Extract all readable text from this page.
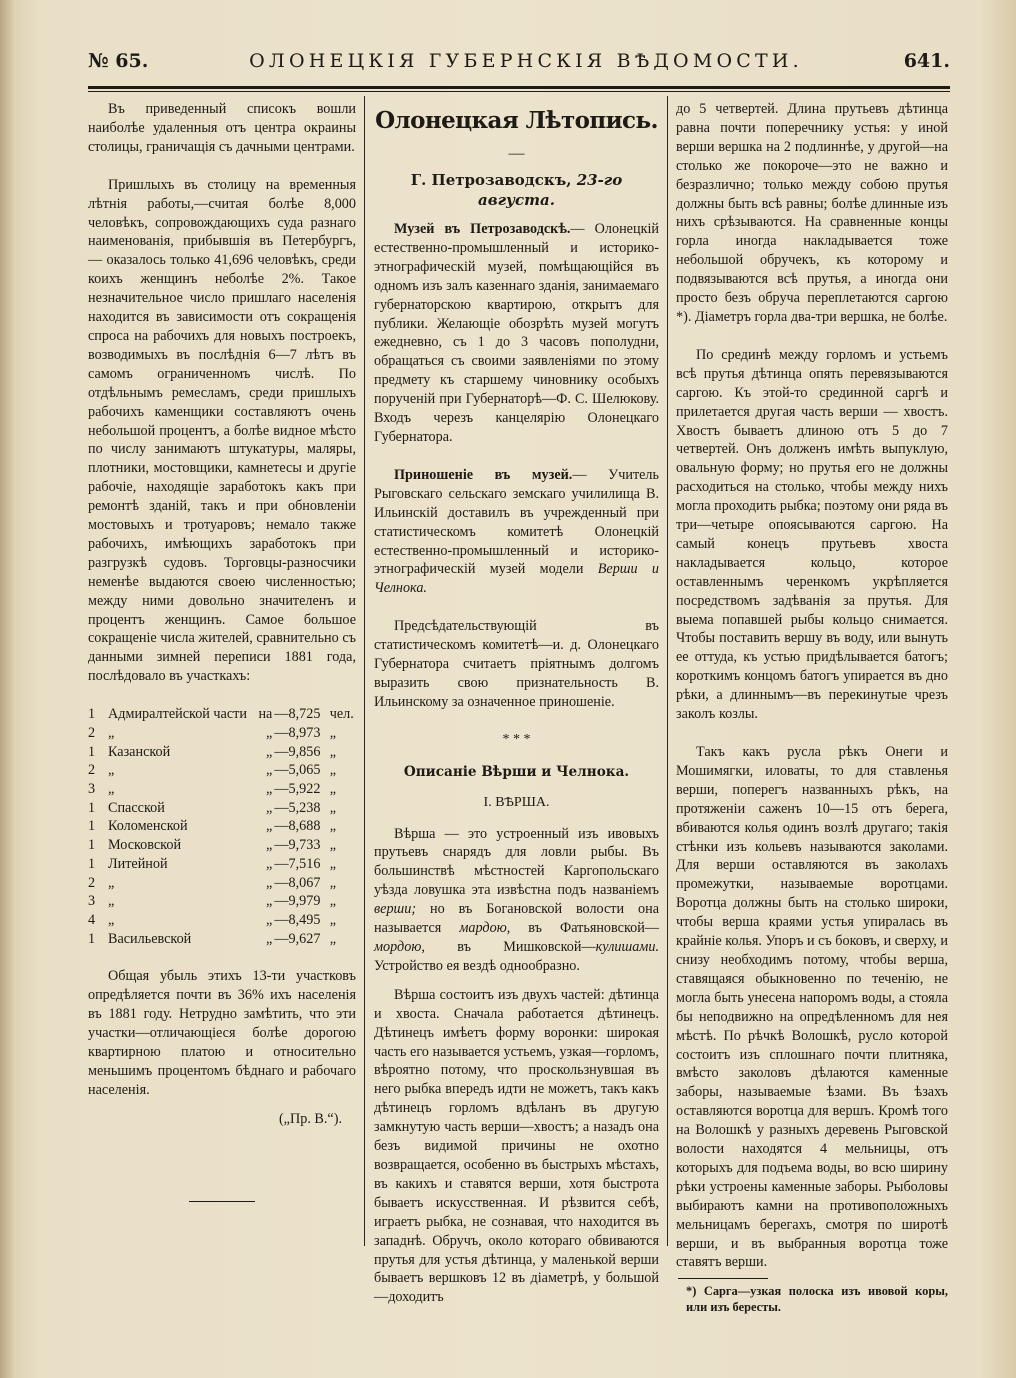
№ 65.	ОЛОНЕЦКІЯ ГУБЕРНСКІЯ ВѢДОМОСТИ.	641.

Въ приведенный списокъ вошли наиболѣе удаленныя отъ центра окраины столицы, граничащія съ дачными центрами.

Пришлыхъ въ столицу на временныя лѣтнія работы,—считая болѣе 8,000 человѣкъ, сопровождающихъ суда разнаго наименованія, прибывшія въ Петербургъ, — оказалось только 41,696 человѣкъ, среди коихъ женщинъ неболѣе 2%. Такое незначительное число пришлаго населенія находится въ зависимости отъ сокращенія спроса на рабочихъ для новыхъ построекъ, возводимыхъ въ послѣднія 6—7 лѣтъ въ самомъ ограниченномъ числѣ. По отдѣльнымъ ремесламъ, среди пришлыхъ рабочихъ каменщики составляютъ очень небольшой процентъ, а болѣе видное мѣсто по числу занимаютъ штукатуры, маляры, плотники, мостовщики, камнетесы и другіе рабочіе, находящіе заработокъ какъ при ремонтѣ зданій, такъ и при обновленіи мостовыхъ и тротуаровъ; немало также рабочихъ, имѣющихъ заработокъ при разгрузкѣ судовъ. Торговцы-разносчики неменѣе выдаются своею численностью; между ними довольно значителенъ и процентъ женщинъ. Самое большое сокращеніе числа жителей, сравнительно съ данными зимней переписи 1881 года, послѣдовало въ участкахъ:

1	Адмиралтейской части	на	—8,725	чел.
2	„	„	—8,973	„
1	Казанской	„	—9,856	„
2	„	„	—5,065	„
3	„	„	—5,922	„
1	Спасской	„	—5,238	„
1	Коломенской	„	—8,688	„
1	Московской	„	—9,733	„
1	Литейной	„	—7,516	„
2	„	„	—8,067	„
3	„	„	—9,979	„
4	„	„	—8,495	„
1	Васильевской	„	—9,627	„

Общая убыль этихъ 13-ти участковъ опредѣляется почти въ 36% ихъ населенія въ 1881 году. Нетрудно замѣтить, что эти участки—отличающіеся болѣе дорогою квартирною платою и относительно меньшимъ процентомъ бѣднаго и рабочаго населенія.

(„Пр. В.“).
Олонецкая Лѣтопись.
—
Г. Петрозаводскъ, 23-го августа.

Музей въ Петрозаводскѣ.— Олонецкій естественно-промышленный и историко-этнографическій музей, помѣщающійся въ одномъ изъ залъ казеннаго зданія, занимаемаго губернаторскою квартирою, открытъ для публики. Желающіе обозрѣть музей могутъ ежедневно, съ 1 до 3 часовъ пополудни, обращаться съ своими заявленіями по этому предмету къ старшему чиновнику особыхъ порученій при Губернаторѣ—Ф. С. Шелюкову. Входъ черезъ канцелярію Олонецкаго Губернатора.

Приношеніе въ музей.— Учитель Рыговскаго сельскаго земскаго училилища В. Ильинскій доставилъ въ учрежденный при статистическомъ комитетѣ Олонецкій естественно-промышленный и историко-этнографическій музей модели Верши и Челнока.

Предсѣдательствующій въ статистическомъ комитетѣ—и. д. Олонецкаго Губернатора считаетъ пріятнымъ долгомъ выразить свою признательность В. Ильинскому за означенное приношеніе.

* * *
Описаніе Вѣрши и Челнока.
I. ВѢРША.

Вѣрша — это устроенный изъ ивовыхъ прутьевъ снарядъ для ловли рыбы. Въ большинствѣ мѣстностей Каргопольскаго уѣзда ловушка эта извѣстна подъ названіемъ верши; но въ Богановской волости она называется мардою, въ Фатьяновской—мордою, въ Мишковской—кулишами. Устройство ея вездѣ однообразно.

Вѣрша состоитъ изъ двухъ частей: дѣтинца и хвоста. Сначала работается дѣтинецъ. Дѣтинецъ имѣетъ форму воронки: широкая часть его называется устьемъ, узкая—горломъ, вѣроятно потому, что проскользнувшая въ него рыбка впередъ идти не можетъ, такъ какъ дѣтинецъ горломъ вдѣланъ въ другую замкнутую часть верши—хвостъ; а назадъ она безъ видимой причины не охотно возвращается, особенно въ быстрыхъ мѣстахъ, въ какихъ и ставятся верши, хотя быстрота бываетъ искусственная. И рѣзвится себѣ, играетъ рыбка, не сознавая, что находится въ западнѣ. Обручъ, около котораго обвиваются прутья для устья дѣтинца, у маленькой верши бываетъ вершковъ 12 въ діаметрѣ, у большой—доходитъ

до 5 четвертей. Длина прутьевъ дѣтинца равна почти поперечнику устья: у иной верши вершка на 2 подлиннѣе, у другой—на столько же покороче—это не важно и безразлично; только между собою прутья должны быть всѣ равны; болѣе длинные изъ нихъ срѣзываются. На сравненные концы горла иногда накладывается тоже небольшой обручекъ, къ которому и подвязываются всѣ прутья, а иногда они просто безъ обруча переплетаются саргою *). Діаметръ горла два-три вершка, не болѣе.

По срединѣ между горломъ и устьемъ всѣ прутья дѣтинца опять перевязываются саргою. Къ этой-то срединной саргѣ и прилетается другая часть верши — хвостъ. Хвостъ бываетъ длиною отъ 5 до 7 четвертей. Онъ долженъ имѣть выпуклую, овальную форму; но прутья его не должны расходиться на столько, чтобы между нихъ могла проходить рыбка; поэтому они ряда въ три—четыре опоясываются саргою. На самый конецъ прутьевъ хвоста накладывается кольцо, которое оставленнымъ черенкомъ укрѣпляется посредствомъ задѣванія за прутья. Для выема попавшей рыбы кольцо снимается. Чтобы поставить вершу въ воду, или вынуть ее оттуда, къ устью придѣлывается батогъ; короткимъ концомъ батогъ упирается въ дно рѣки, а длиннымъ—въ перекинутые чрезъ заколъ козлы.

Такъ какъ русла рѣкъ Онеги и Мошимягки, иловаты, то для ставленья верши, поперегъ названныхъ рѣкъ, на протяженіи саженъ 10—15 отъ берега, вбиваются колья одинъ возлѣ другаго; такія стѣнки изъ кольевъ называются заколами. Для верши оставляются въ заколахъ промежутки, называемые воротцами. Воротца должны быть на столько широки, чтобы верша краями устья упиралась въ крайніе колья. Упоръ и съ боковъ, и сверху, и снизу необходимъ потому, чтобы верша, ставящаяся обыкновенно по теченію, не могла быть унесена напоромъ воды, а стояла бы неподвижно на опредѣленномъ для нея мѣстѣ. По рѣчкѣ Волошкѣ, русло которой состоитъ изъ сплошнаго почти плитняка, вмѣсто заколовъ дѣлаются каменные заборы, называемые ѣзами. Въ ѣзахъ оставляются воротца для вершъ. Кромѣ того на Волошкѣ у разныхъ деревень Рыговской волости находятся 4 мельницы, отъ которыхъ для подъема воды, во всю ширину рѣки устроены каменные заборы. Рыболовы выбираютъ камни на противоположныхъ мельницамъ берегахъ, смотря по широтѣ верши, и въ выбранныя воротца тоже ставятъ верши.

*) Сарга—узкая полоска изъ ивовой коры, или изъ бересты.
